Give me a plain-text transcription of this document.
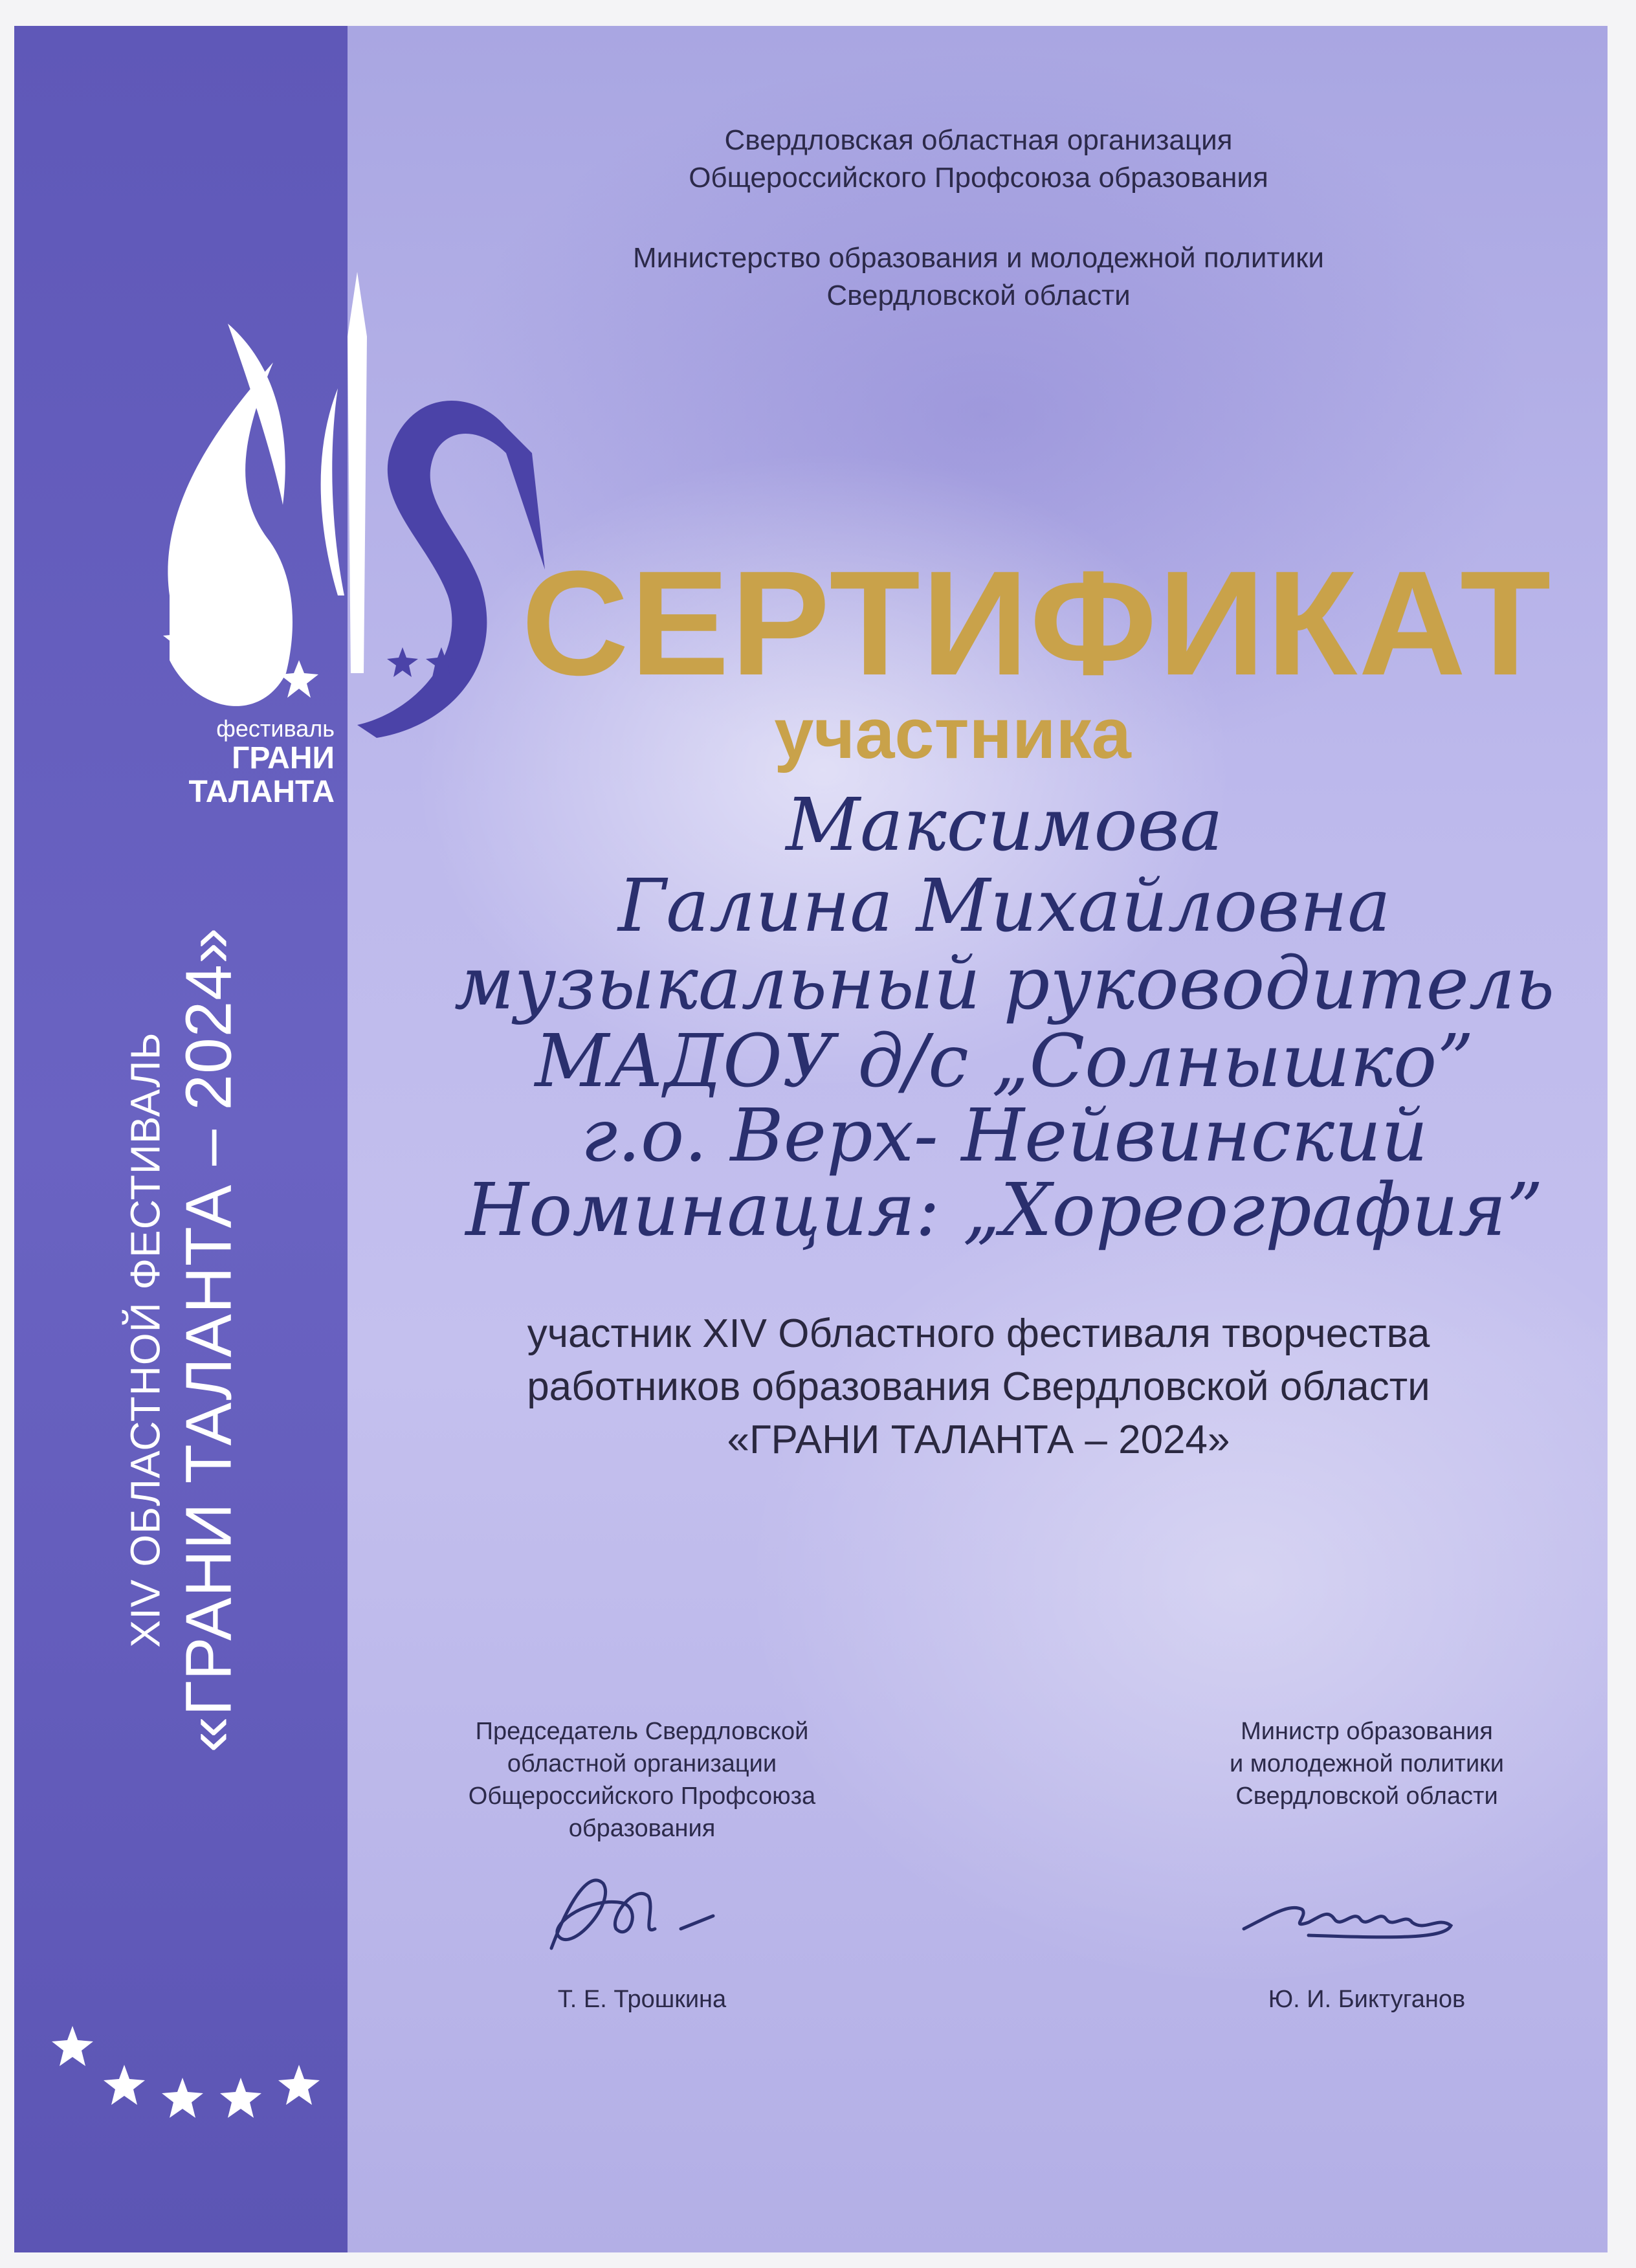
XIV ОБЛАСТНОЙ ФЕСТИВАЛЬ «ГРАНИ ТАЛАНТА – 2024»
фестиваль
ГРАНИ
ТАЛАНТА
Свердловская областная организация
Общероссийского Профсоюза образования
Министерство образования и молодежной политики
Свердловской области
СЕРТИФИКАТ
участника
Максимова
Галина Михайловна
музыкальный руководитель
МАДОУ д/с „Солнышко”
г.о. Верх- Нейвинский
Номинация: „Хореография”
участник XIV Областного фестиваля творчества
работников образования Свердловской области
«ГРАНИ ТАЛАНТА – 2024»
Председатель Свердловской
областной организации
Общероссийского Профсоюза
образования
Министр образования
и молодежной политики
Свердловской области
Т. Е. Трошкина	Ю. И. Биктуганов
